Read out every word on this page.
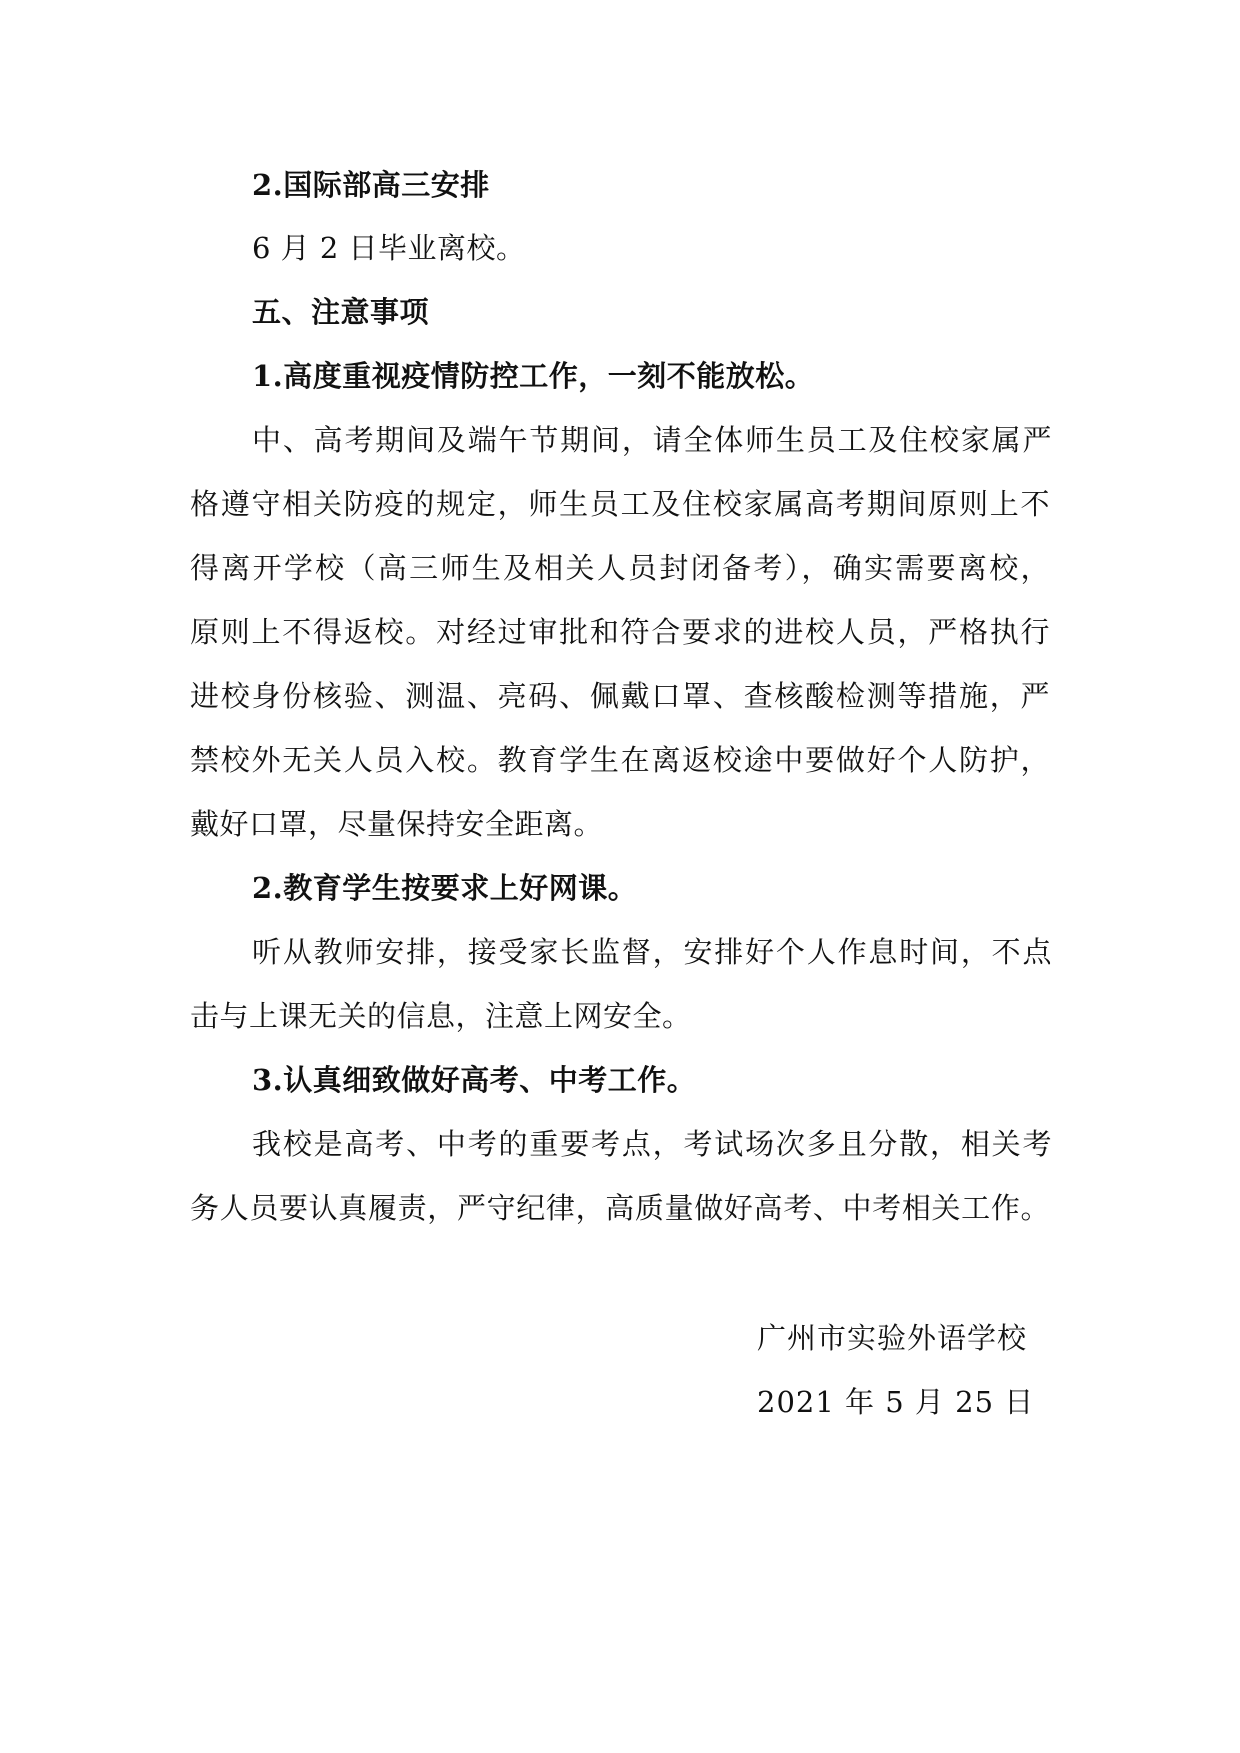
2.国际部高三安排
6 月 2 日毕业离校。
五、注意事项
1.高度重视疫情防控工作，一刻不能放松。
中、高考期间及端午节期间，请全体师生员工及住校家属严
格遵守相关防疫的规定，师生员工及住校家属高考期间原则上不
得离开学校（高三师生及相关人员封闭备考），确实需要离校，
原则上不得返校。对经过审批和符合要求的进校人员，严格执行
进校身份核验、测温、亮码、佩戴口罩、查核酸检测等措施，严
禁校外无关人员入校。教育学生在离返校途中要做好个人防护，
戴好口罩，尽量保持安全距离。
2.教育学生按要求上好网课。
听从教师安排，接受家长监督，安排好个人作息时间，不点
击与上课无关的信息，注意上网安全。
3.认真细致做好高考、中考工作。
我校是高考、中考的重要考点，考试场次多且分散，相关考
务人员要认真履责，严守纪律，高质量做好高考、中考相关工作。
广州市实验外语学校
2021 年 5 月 25 日
